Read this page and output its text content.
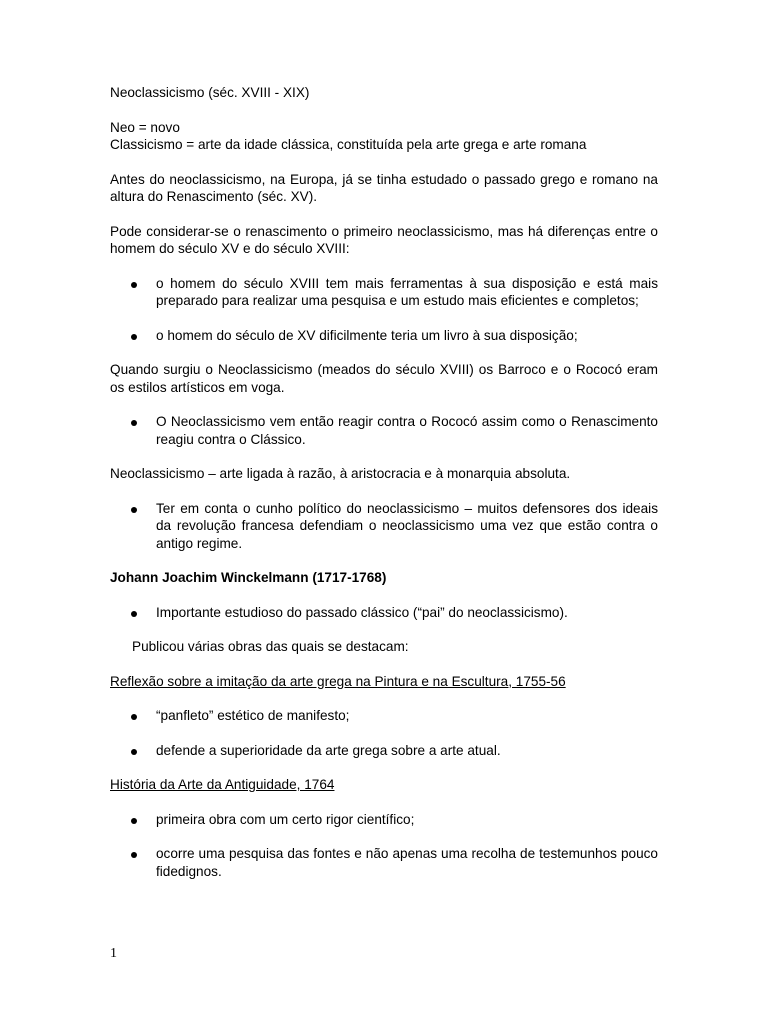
Neoclassicismo (séc. XVIII - XIX)

Neo = novo
Classicismo = arte da idade clássica, constituída pela arte grega e arte romana

Antes do neoclassicismo, na Europa, já se tinha estudado o passado grego e romano na altura do Renascimento (séc. XV).

Pode considerar-se o renascimento o primeiro neoclassicismo, mas há diferenças entre o homem do século XV e do século XVIII:

o homem do século XVIII tem mais ferramentas à sua disposição e está mais preparado para realizar uma pesquisa e um estudo mais eficientes e completos;
o homem do século de XV dificilmente teria um livro à sua disposição;

Quando surgiu o Neoclassicismo (meados do século XVIII) os Barroco e o Rococó eram os estilos artísticos em voga.

O Neoclassicismo vem então reagir contra o Rococó assim como o Renascimento reagiu contra o Clássico.

Neoclassicismo – arte ligada à razão, à aristocracia e à monarquia absoluta.

Ter em conta o cunho político do neoclassicismo – muitos defensores dos ideais da revolução francesa defendiam o neoclassicismo uma vez que estão contra o antigo regime.

Johann Joachim Winckelmann (1717-1768)

Importante estudioso do passado clássico (“pai” do neoclassicismo).

Publicou várias obras das quais se destacam:

Reflexão sobre a imitação da arte grega na Pintura e na Escultura, 1755-56

“panfleto” estético de manifesto;
defende a superioridade da arte grega sobre a arte atual.

História da Arte da Antiguidade, 1764

primeira obra com um certo rigor científico;
ocorre uma pesquisa das fontes e não apenas uma recolha de testemunhos pouco fidedignos.
1
